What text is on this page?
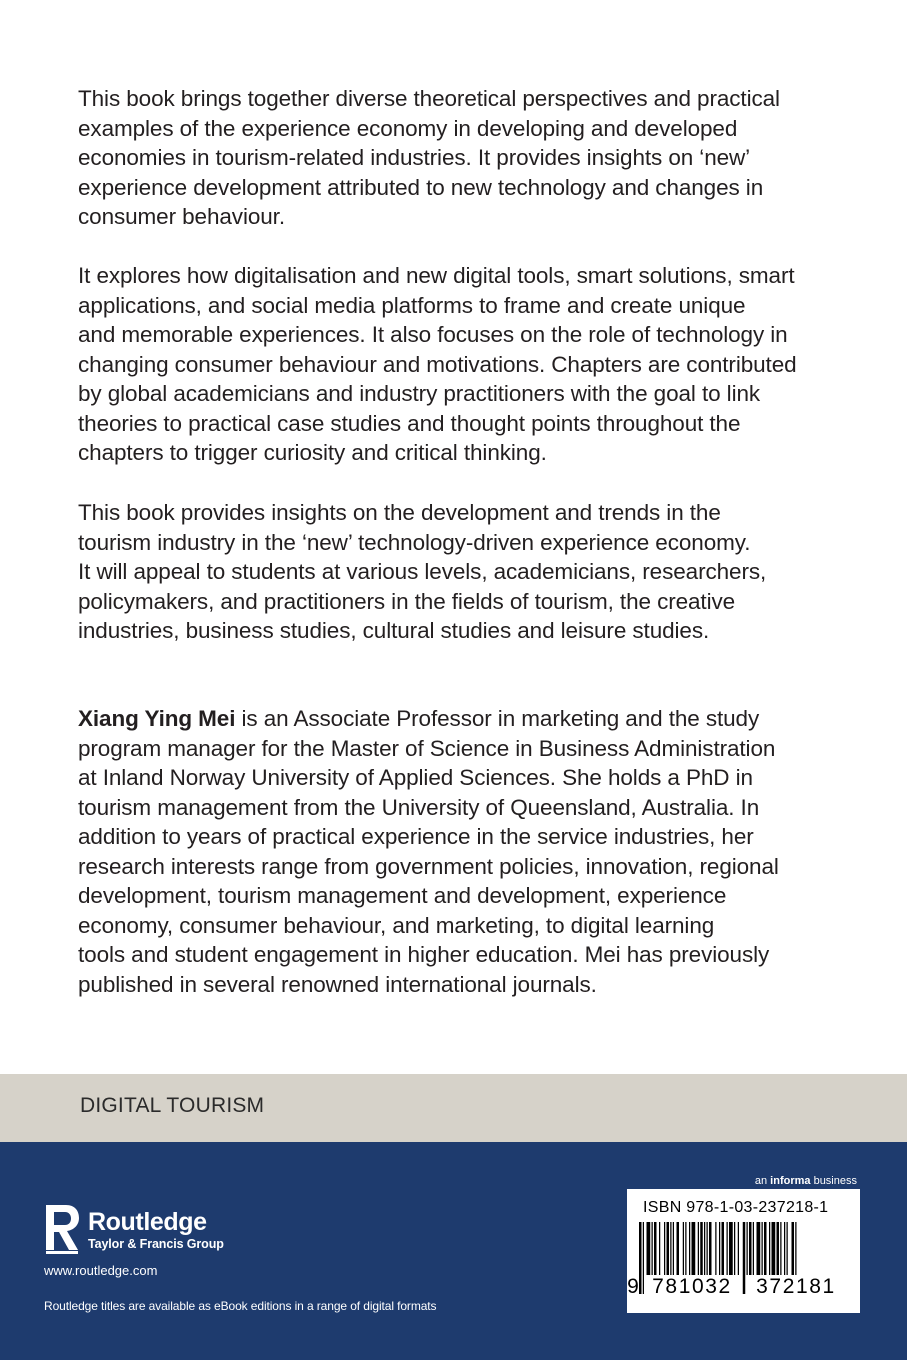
This book brings together diverse theoretical perspectives and practical

examples of the experience economy in developing and developed

economies in tourism-related industries. It provides insights on ‘new’

experience development attributed to new technology and changes in

consumer behaviour.

It explores how digitalisation and new digital tools, smart solutions, smart

applications, and social media platforms to frame and create unique

and memorable experiences. It also focuses on the role of technology in

changing consumer behaviour and motivations. Chapters are contributed

by global academicians and industry practitioners with the goal to link

theories to practical case studies and thought points throughout the

chapters to trigger curiosity and critical thinking.

This book provides insights on the development and trends in the

tourism industry in the ‘new’ technology-driven experience economy.

It will appeal to students at various levels, academicians, researchers,

policymakers, and practitioners in the fields of tourism, the creative

industries, business studies, cultural studies and leisure studies.

Xiang Ying Mei is an Associate Professor in marketing and the study

program manager for the Master of Science in Business Administration

at Inland Norway University of Applied Sciences. She holds a PhD in

tourism management from the University of Queensland, Australia. In

addition to years of practical experience in the service industries, her

research interests range from government policies, innovation, regional

development, tourism management and development, experience

economy, consumer behaviour, and marketing, to digital learning

tools and student engagement in higher education. Mei has previously

published in several renowned international journals.

DIGITAL TOURISM
Routledge
Taylor & Francis Group
www.routledge.com
Routledge titles are available as eBook editions in a range of digital formats
an informa business
ISBN 978-1-03-237218-1
9 781032	372181
